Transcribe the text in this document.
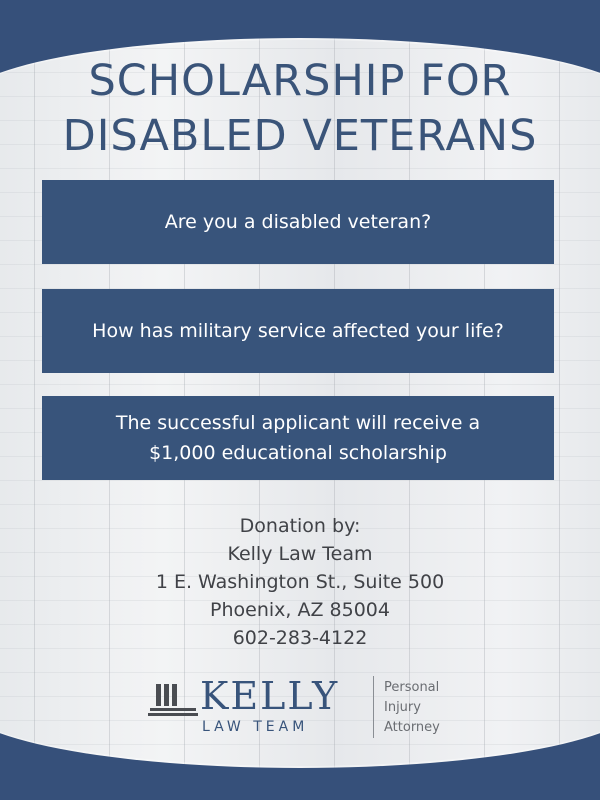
SCHOLARSHIP FOR
DISABLED VETERANS
Are you a disabled veteran?
How has military service affected your life?
The successful applicant will receive a
$1,000 educational scholarship
Donation by:
Kelly Law Team
1 E. Washington St., Suite 500
Phoenix, AZ 85004
602-283-4122
KELLY
LAW TEAM
Personal
Injury
Attorney
